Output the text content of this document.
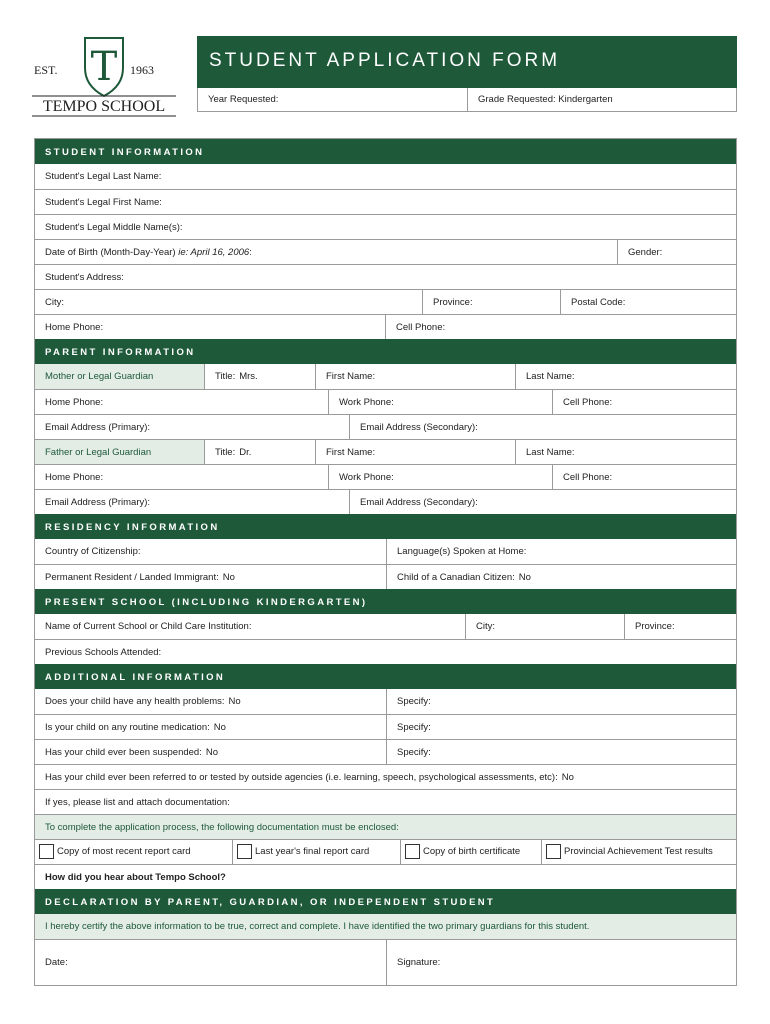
T
EST.	1963
TEMPO SCHOOL
STUDENT APPLICATION FORM
Year Requested:	Grade Requested: Kindergarten
STUDENT INFORMATION
Student's Legal Last Name:
Student's Legal First Name:
Student's Legal Middle Name(s):
Date of Birth (Month-Day-Year) ie: April 16, 2006:	Gender:
Student's Address:
City:	Province:	Postal Code:
Home Phone:	Cell Phone:
PARENT INFORMATION
Mother or Legal Guardian	Title: Mrs.	First Name:	Last Name:
Home Phone:	Work Phone:	Cell Phone:
Email Address (Primary):	Email Address (Secondary):
Father or Legal Guardian	Title: Dr.	First Name:	Last Name:
Home Phone:	Work Phone:	Cell Phone:
Email Address (Primary):	Email Address (Secondary):
RESIDENCY INFORMATION
Country of Citizenship:	Language(s) Spoken at Home:
Permanent Resident / Landed Immigrant: No	Child of a Canadian Citizen: No
PRESENT SCHOOL (INCLUDING KINDERGARTEN)
Name of Current School or Child Care Institution:	City:	Province:
Previous Schools Attended:
ADDITIONAL INFORMATION
Does your child have any health problems: No	Specify:
Is your child on any routine medication: No	Specify:
Has your child ever been suspended: No	Specify:
Has your child ever been referred to or tested by outside agencies (i.e. learning, speech, psychological assessments, etc): No
If yes, please list and attach documentation:
To complete the application process, the following documentation must be enclosed:
Copy of most recent report card	Last year's final report card	Copy of birth certificate	Provincial Achievement Test results
How did you hear about Tempo School?
DECLARATION BY PARENT, GUARDIAN, OR INDEPENDENT STUDENT
I hereby certify the above information to be true, correct and complete. I have identified the two primary guardians for this student.
Date:	Signature:
